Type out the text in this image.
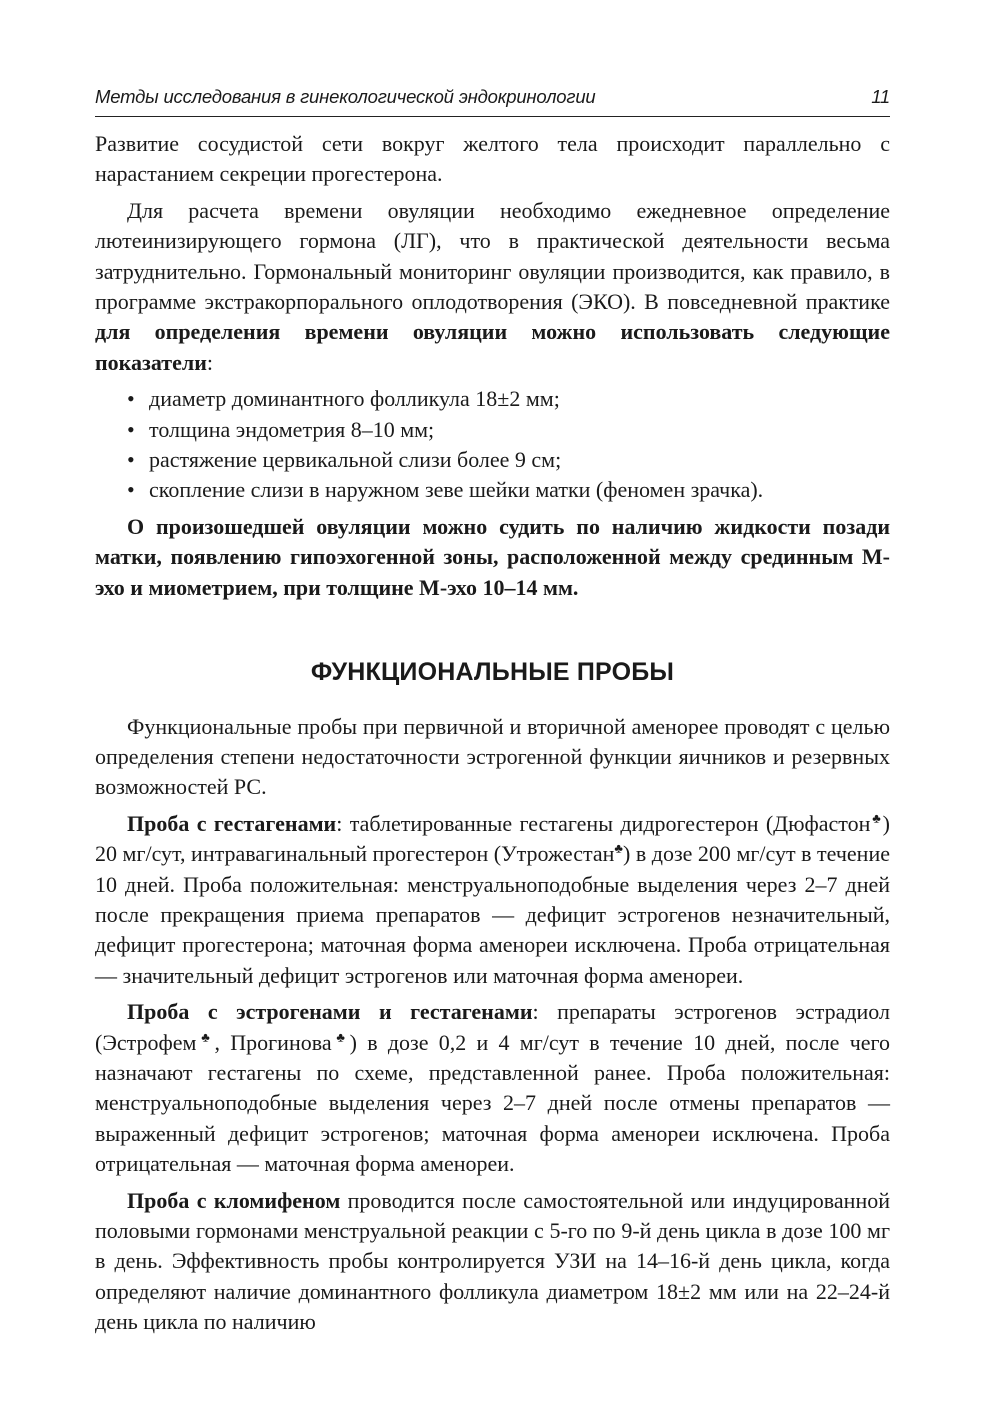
Метды исследования в гинекологической эндокринологии	11

Развитие сосудистой сети вокруг желтого тела происходит параллельно с нарастанием секреции прогестерона.

Для расчета времени овуляции необходимо ежедневное определение лютеинизирующего гормона (ЛГ), что в практической деятельности весьма затруднительно. Гормональный мониторинг овуляции производится, как правило, в программе экстракорпорального оплодотворения (ЭКО). В повседневной практике для определения времени овуляции можно использовать следующие показатели:

• диаметр доминантного фолликула 18±2 мм;
• толщина эндометрия 8–10 мм;
• растяжение цервикальной слизи более 9 см;
• скопление слизи в наружном зеве шейки матки (феномен зрачка).

О произошедшей овуляции можно судить по наличию жидкости позади матки, появлению гипоэхогенной зоны, расположенной между срединным М-эхо и миометрием, при толщине М-эхо 10–14 мм.

ФУНКЦИОНАЛЬНЫЕ ПРОБЫ

Функциональные пробы при первичной и вторичной аменорее проводят с целью определения степени недостаточности эстрогенной функции яичников и резервных возможностей РС.

Проба с гестагенами: таблетированные гестагены дидрогестерон (Дюфастон♣) 20 мг/сут, интравагинальный прогестерон (Утрожестан♣) в дозе 200 мг/сут в течение 10 дней. Проба положительная: менструальноподобные выделения через 2–7 дней после прекращения приема препаратов — дефицит эстрогенов незначительный, дефицит прогестерона; маточная форма аменореи исключена. Проба отрицательная — значительный дефицит эстрогенов или маточная форма аменореи.

Проба с эстрогенами и гестагенами: препараты эстрогенов эстрадиол (Эстрофем♣, Прогинова♣) в дозе 0,2 и 4 мг/сут в течение 10 дней, после чего назначают гестагены по схеме, представленной ранее. Проба положительная: менструальноподобные выделения через 2–7 дней после отмены препаратов — выраженный дефицит эстрогенов; маточная форма аменореи исключена. Проба отрицательная — маточная форма аменореи.

Проба с кломифеном проводится после самостоятельной или индуцированной половыми гормонами менструальной реакции с 5-го по 9-й день цикла в дозе 100 мг в день. Эффективность пробы контролируется УЗИ на 14–16-й день цикла, когда определяют наличие доминантного фолликула диаметром 18±2 мм или на 22–24-й день цикла по наличию
